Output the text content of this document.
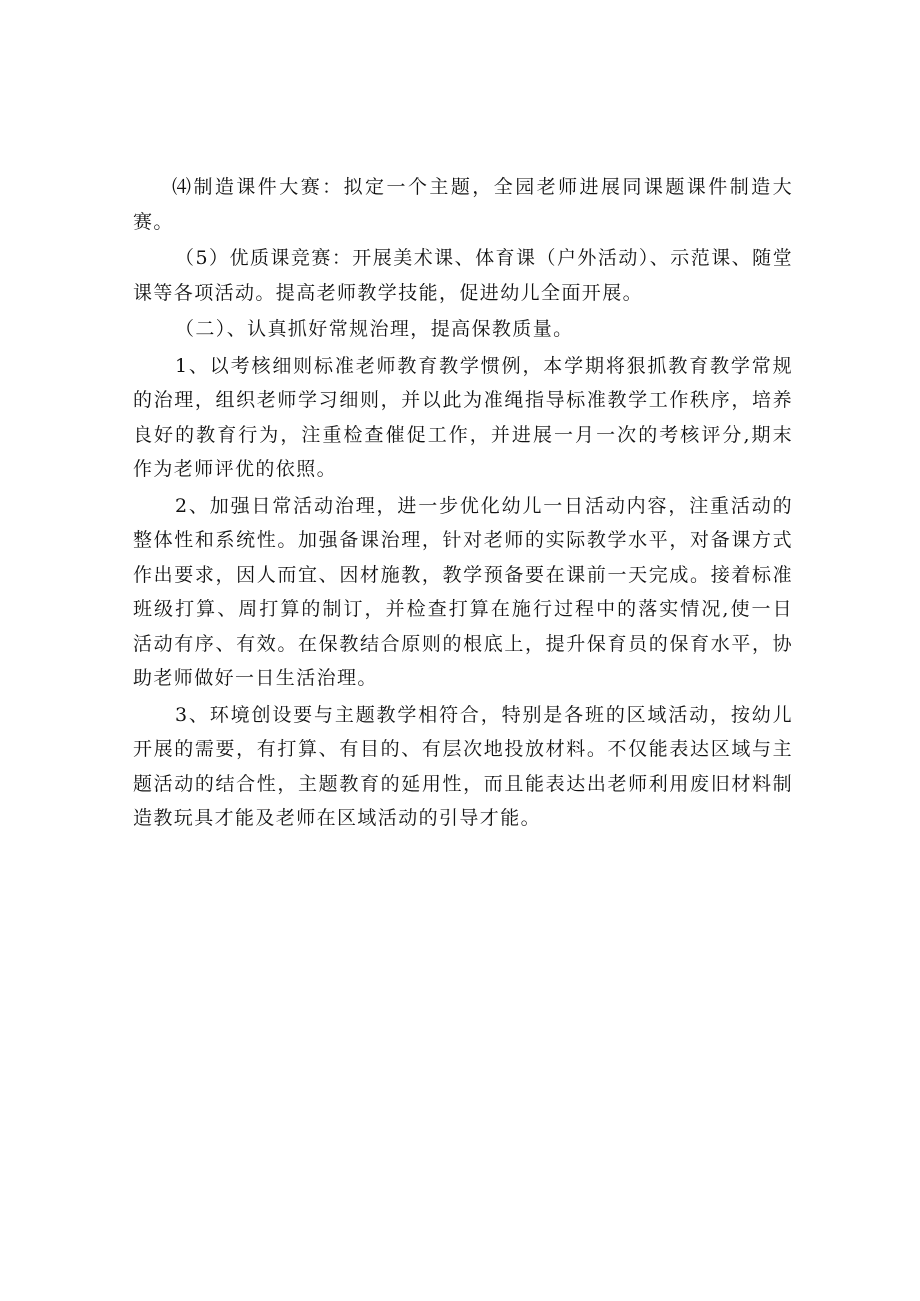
⑷制造课件大赛：拟定一个主题，全园老师进展同课题课件制造大赛。

（5）优质课竞赛：开展美术课、体育课（户外活动）、示范课、随堂课等各项活动。提高老师教学技能，促进幼儿全面开展。

（二）、认真抓好常规治理，提高保教质量。

1、以考核细则标准老师教育教学惯例，本学期将狠抓教育教学常规的治理，组织老师学习细则，并以此为准绳指导标准教学工作秩序，培养良好的教育行为，注重检查催促工作，并进展一月一次的考核评分,期末作为老师评优的依照。

2、加强日常活动治理，进一步优化幼儿一日活动内容，注重活动的整体性和系统性。加强备课治理，针对老师的实际教学水平，对备课方式作出要求，因人而宜、因材施教，教学预备要在课前一天完成。接着标准班级打算、周打算的制订，并检查打算在施行过程中的落实情况,使一日活动有序、有效。在保教结合原则的根底上，提升保育员的保育水平，协助老师做好一日生活治理。

3、环境创设要与主题教学相符合，特别是各班的区域活动，按幼儿开展的需要，有打算、有目的、有层次地投放材料。不仅能表达区域与主题活动的结合性，主题教育的延用性，而且能表达出老师利用废旧材料制造教玩具才能及老师在区域活动的引导才能。
